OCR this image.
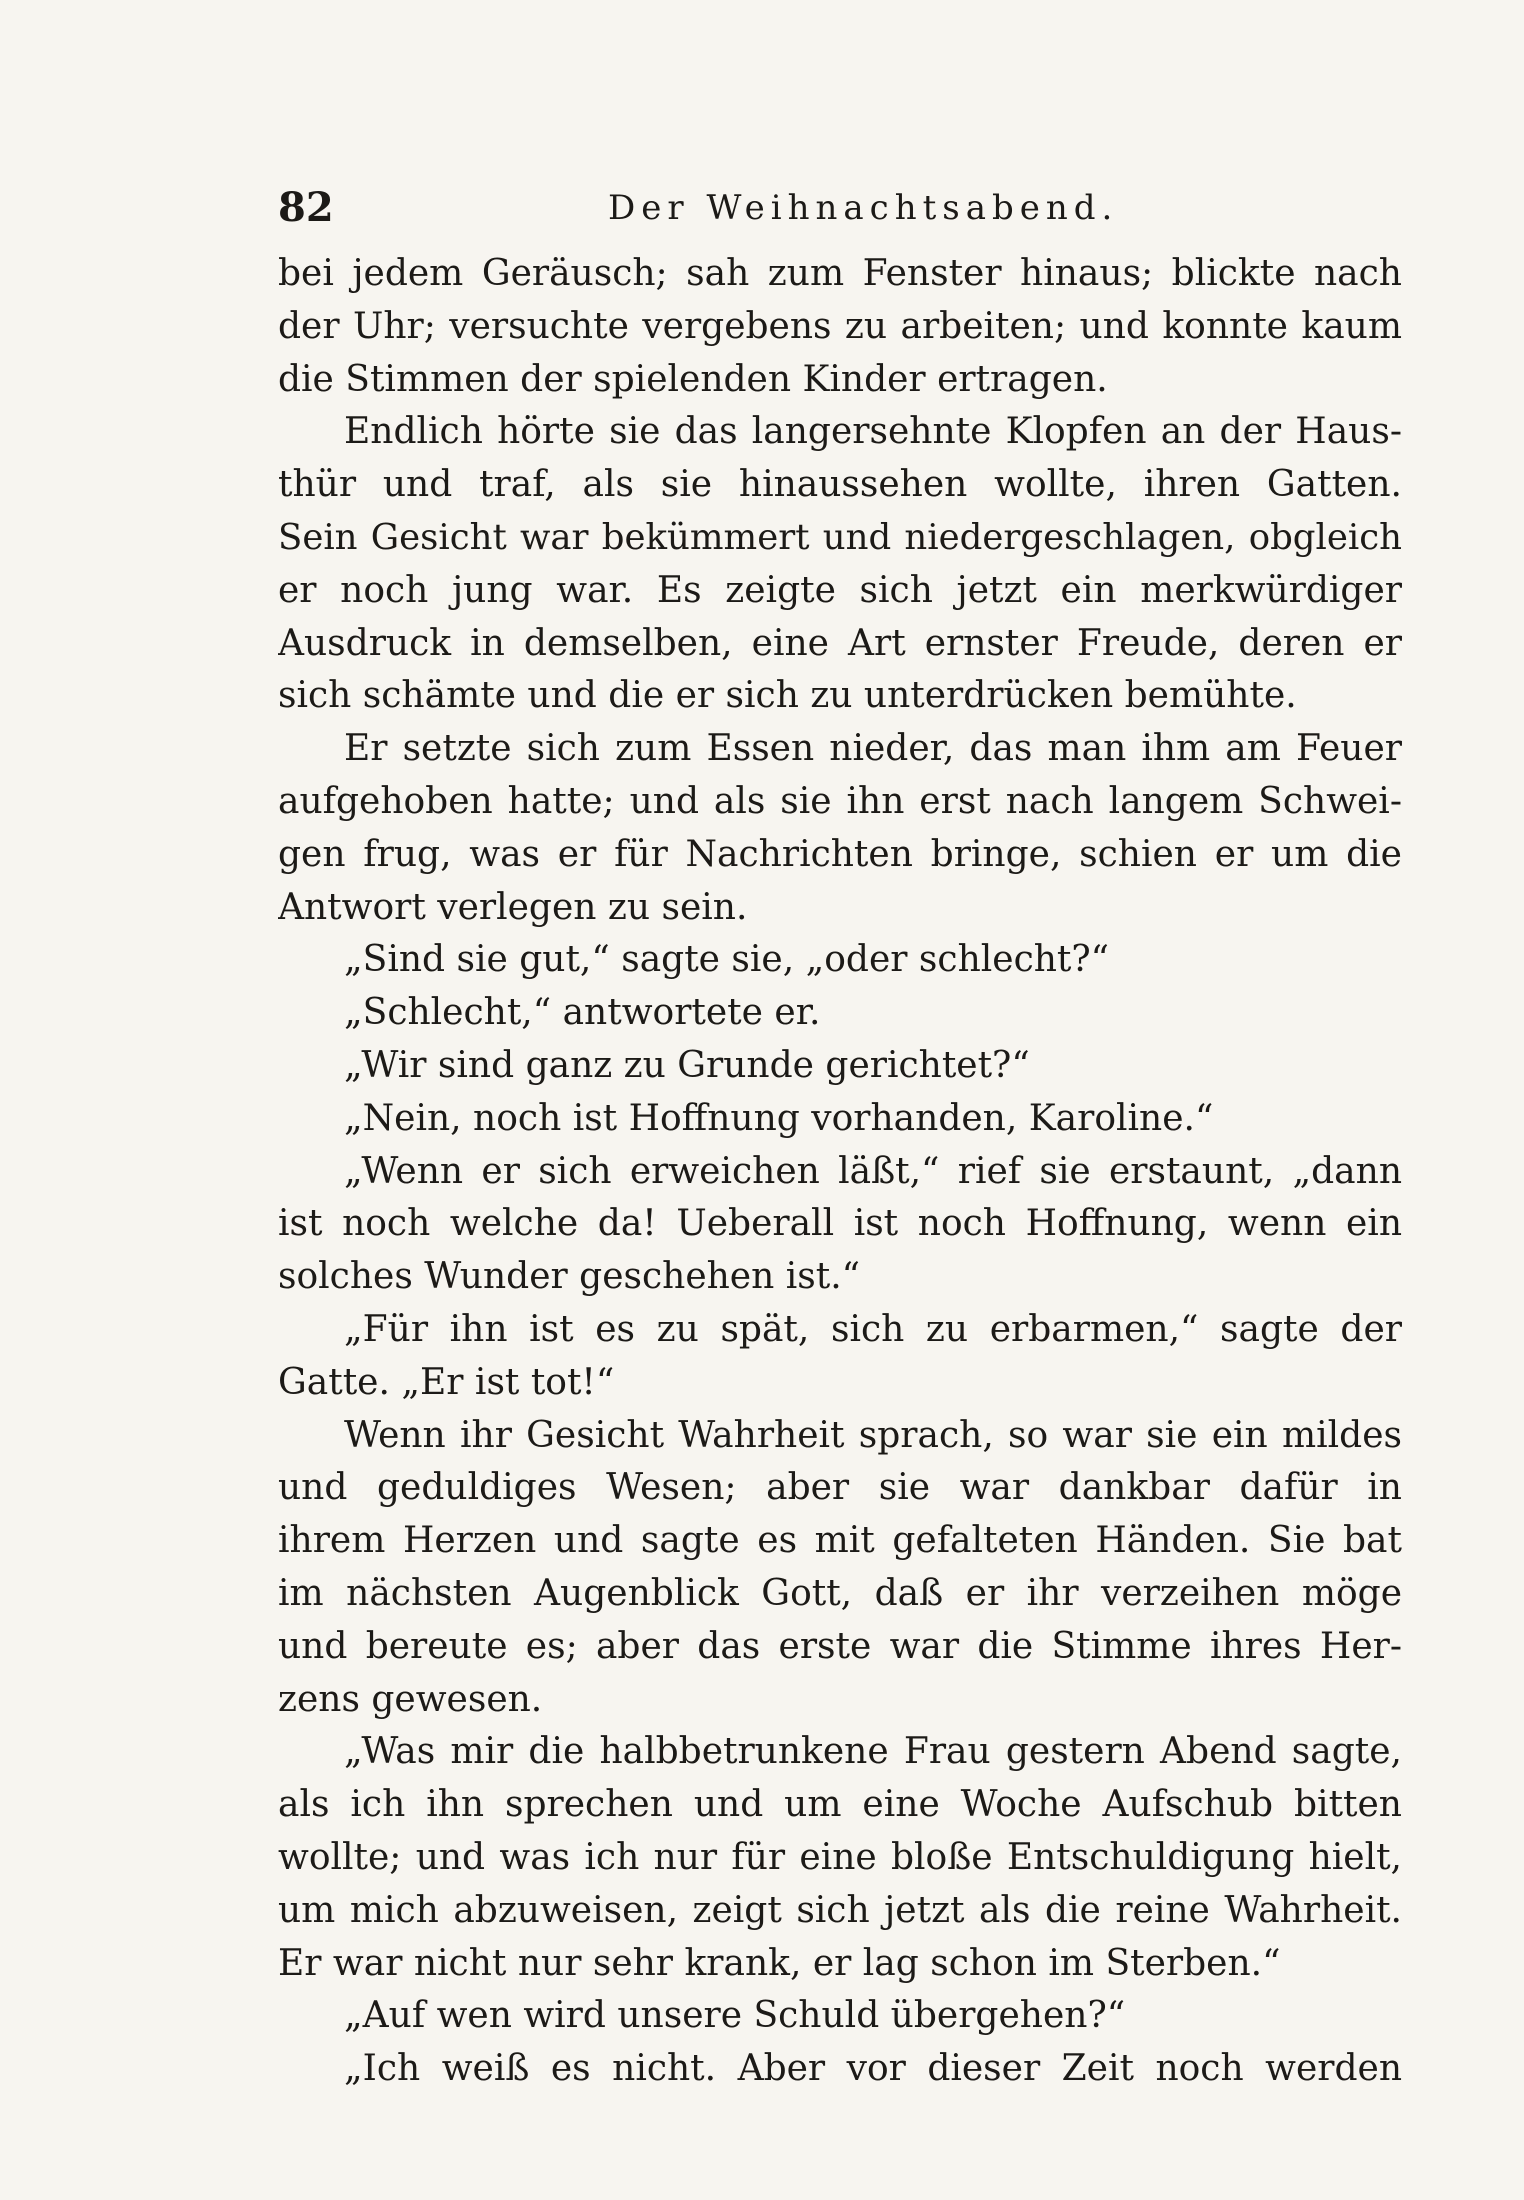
82	Der Weihnachtsabend.
bei jedem Geräusch; sah zum Fenster hinaus; blickte nach
der Uhr; versuchte vergebens zu arbeiten; und konnte kaum
die Stimmen der spielenden Kinder ertragen.
Endlich hörte sie das langersehnte Klopfen an der Haus-
thür und traf, als sie hinaussehen wollte, ihren Gatten.
Sein Gesicht war bekümmert und niedergeschlagen, obgleich
er noch jung war. Es zeigte sich jetzt ein merkwürdiger
Ausdruck in demselben, eine Art ernster Freude, deren er
sich schämte und die er sich zu unterdrücken bemühte.
Er setzte sich zum Essen nieder, das man ihm am Feuer
aufgehoben hatte; und als sie ihn erst nach langem Schwei-
gen frug, was er für Nachrichten bringe, schien er um die
Antwort verlegen zu sein.
„Sind sie gut,“ sagte sie, „oder schlecht?“
„Schlecht,“ antwortete er.
„Wir sind ganz zu Grunde gerichtet?“
„Nein, noch ist Hoffnung vorhanden, Karoline.“
„Wenn er sich erweichen läßt,“ rief sie erstaunt, „dann
ist noch welche da! Ueberall ist noch Hoffnung, wenn ein
solches Wunder geschehen ist.“
„Für ihn ist es zu spät, sich zu erbarmen,“ sagte der
Gatte. „Er ist tot!“
Wenn ihr Gesicht Wahrheit sprach, so war sie ein mildes
und geduldiges Wesen; aber sie war dankbar dafür in
ihrem Herzen und sagte es mit gefalteten Händen. Sie bat
im nächsten Augenblick Gott, daß er ihr verzeihen möge
und bereute es; aber das erste war die Stimme ihres Her-
zens gewesen.
„Was mir die halbbetrunkene Frau gestern Abend sagte,
als ich ihn sprechen und um eine Woche Aufschub bitten
wollte; und was ich nur für eine bloße Entschuldigung hielt,
um mich abzuweisen, zeigt sich jetzt als die reine Wahrheit.
Er war nicht nur sehr krank, er lag schon im Sterben.“
„Auf wen wird unsere Schuld übergehen?“
„Ich weiß es nicht. Aber vor dieser Zeit noch werden
